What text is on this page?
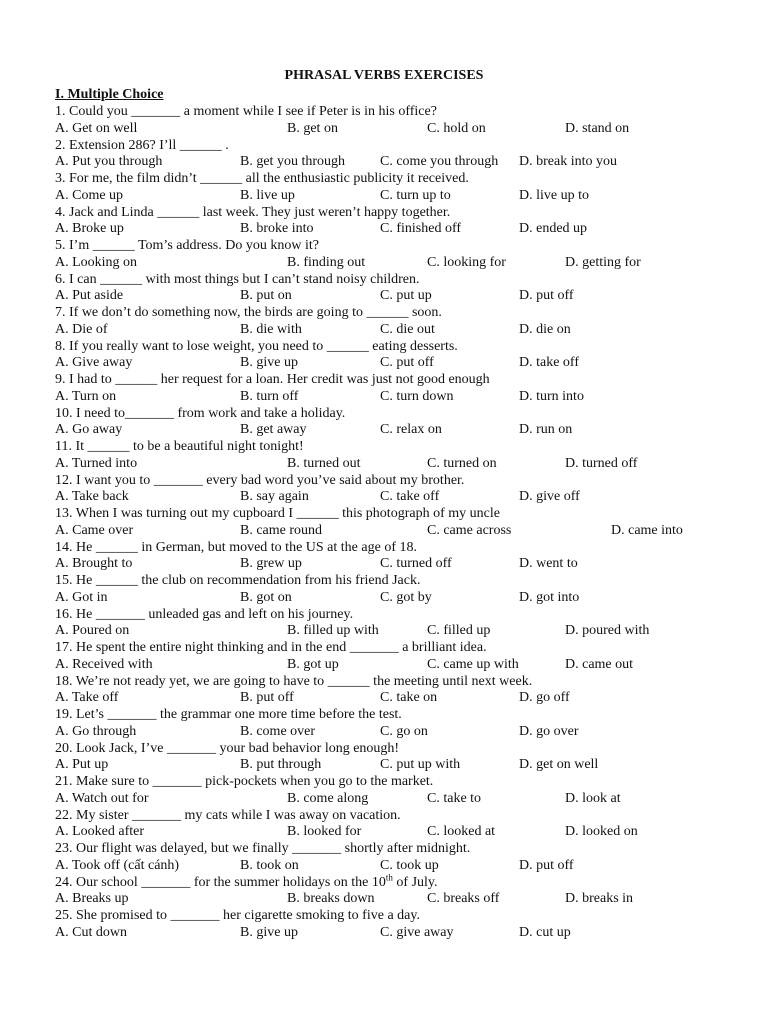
PHRASAL VERBS EXERCISES
I. Multiple Choice
1. Could you _______ a moment while I see if Peter is in his office?
A. Get on well	B. get on	C. hold on	D. stand on
2. Extension 286? I’ll ______ .
A. Put you through	B. get you through	C. come you through D. break into you
3. For me, the film didn’t ______ all the enthusiastic publicity it received.
A. Come up	B. live up	C. turn up to	D. live up to
4. Jack and Linda ______ last week. They just weren’t happy together.
A. Broke up	B. broke into	C. finished off	D. ended up
5. I’m ______ Tom’s address. Do you know it?
A. Looking on	B. finding out	C. looking for	D. getting for
6. I can ______ with most things but I can’t stand noisy children.
A. Put aside	B. put on	C. put up	D. put off
7. If we don’t do something now, the birds are going to ______ soon.
A. Die of	B. die with	C. die out	D. die on
8. If you really want to lose weight, you need to ______ eating desserts.
A. Give away	B. give up	C. put off	D. take off
9. I had to ______ her request for a loan. Her credit was just not good enough
A. Turn on	B. turn off	C. turn down	D. turn into
10. I need to_______ from work and take a holiday.
A. Go away	B. get away	C. relax on	D. run on
11. It ______ to be a beautiful night tonight!
A. Turned into	B. turned out	C. turned on	D. turned off
12. I want you to _______ every bad word you’ve said about my brother.
A. Take back	B. say again	C. take off	D. give off
13. When I was turning out my cupboard I ______ this photograph of my uncle
A. Came over	B. came round	C. came across	D. came into
14. He ______ in German, but moved to the US at the age of 18.
A. Brought to	B. grew up	C. turned off	D. went to
15. He ______ the club on recommendation from his friend Jack.
A. Got in	B. got on	C. got by	D. got into
16. He _______ unleaded gas and left on his journey.
A. Poured on	B. filled up with	C. filled up	D. poured with
17. He spent the entire night thinking and in the end _______ a brilliant idea.
A. Received with	B. got up	C. came up with	D. came out
18. We’re not ready yet, we are going to have to ______ the meeting until next week.
A. Take off	B. put off	C. take on	D. go off
19. Let’s _______ the grammar one more time before the test.
A. Go through	B. come over	C. go on	D. go over
20. Look Jack, I’ve _______ your bad behavior long enough!
A. Put up	B. put through	C. put up with	D. get on well
21. Make sure to _______ pick-pockets when you go to the market.
A. Watch out for	B. come along	C. take to	D. look at
22. My sister _______ my cats while I was away on vacation.
A. Looked after	B. looked for	C. looked at	D. looked on
23. Our flight was delayed, but we finally _______ shortly after midnight.
A. Took off (cất cánh)	B. took on	C. took up	D. put off
24. Our school _______ for the summer holidays on the 10th of July.
A. Breaks up	B. breaks down	C. breaks off	D. breaks in
25. She promised to _______ her cigarette smoking to five a day.
A. Cut down	B. give up	C. give away	D. cut up
